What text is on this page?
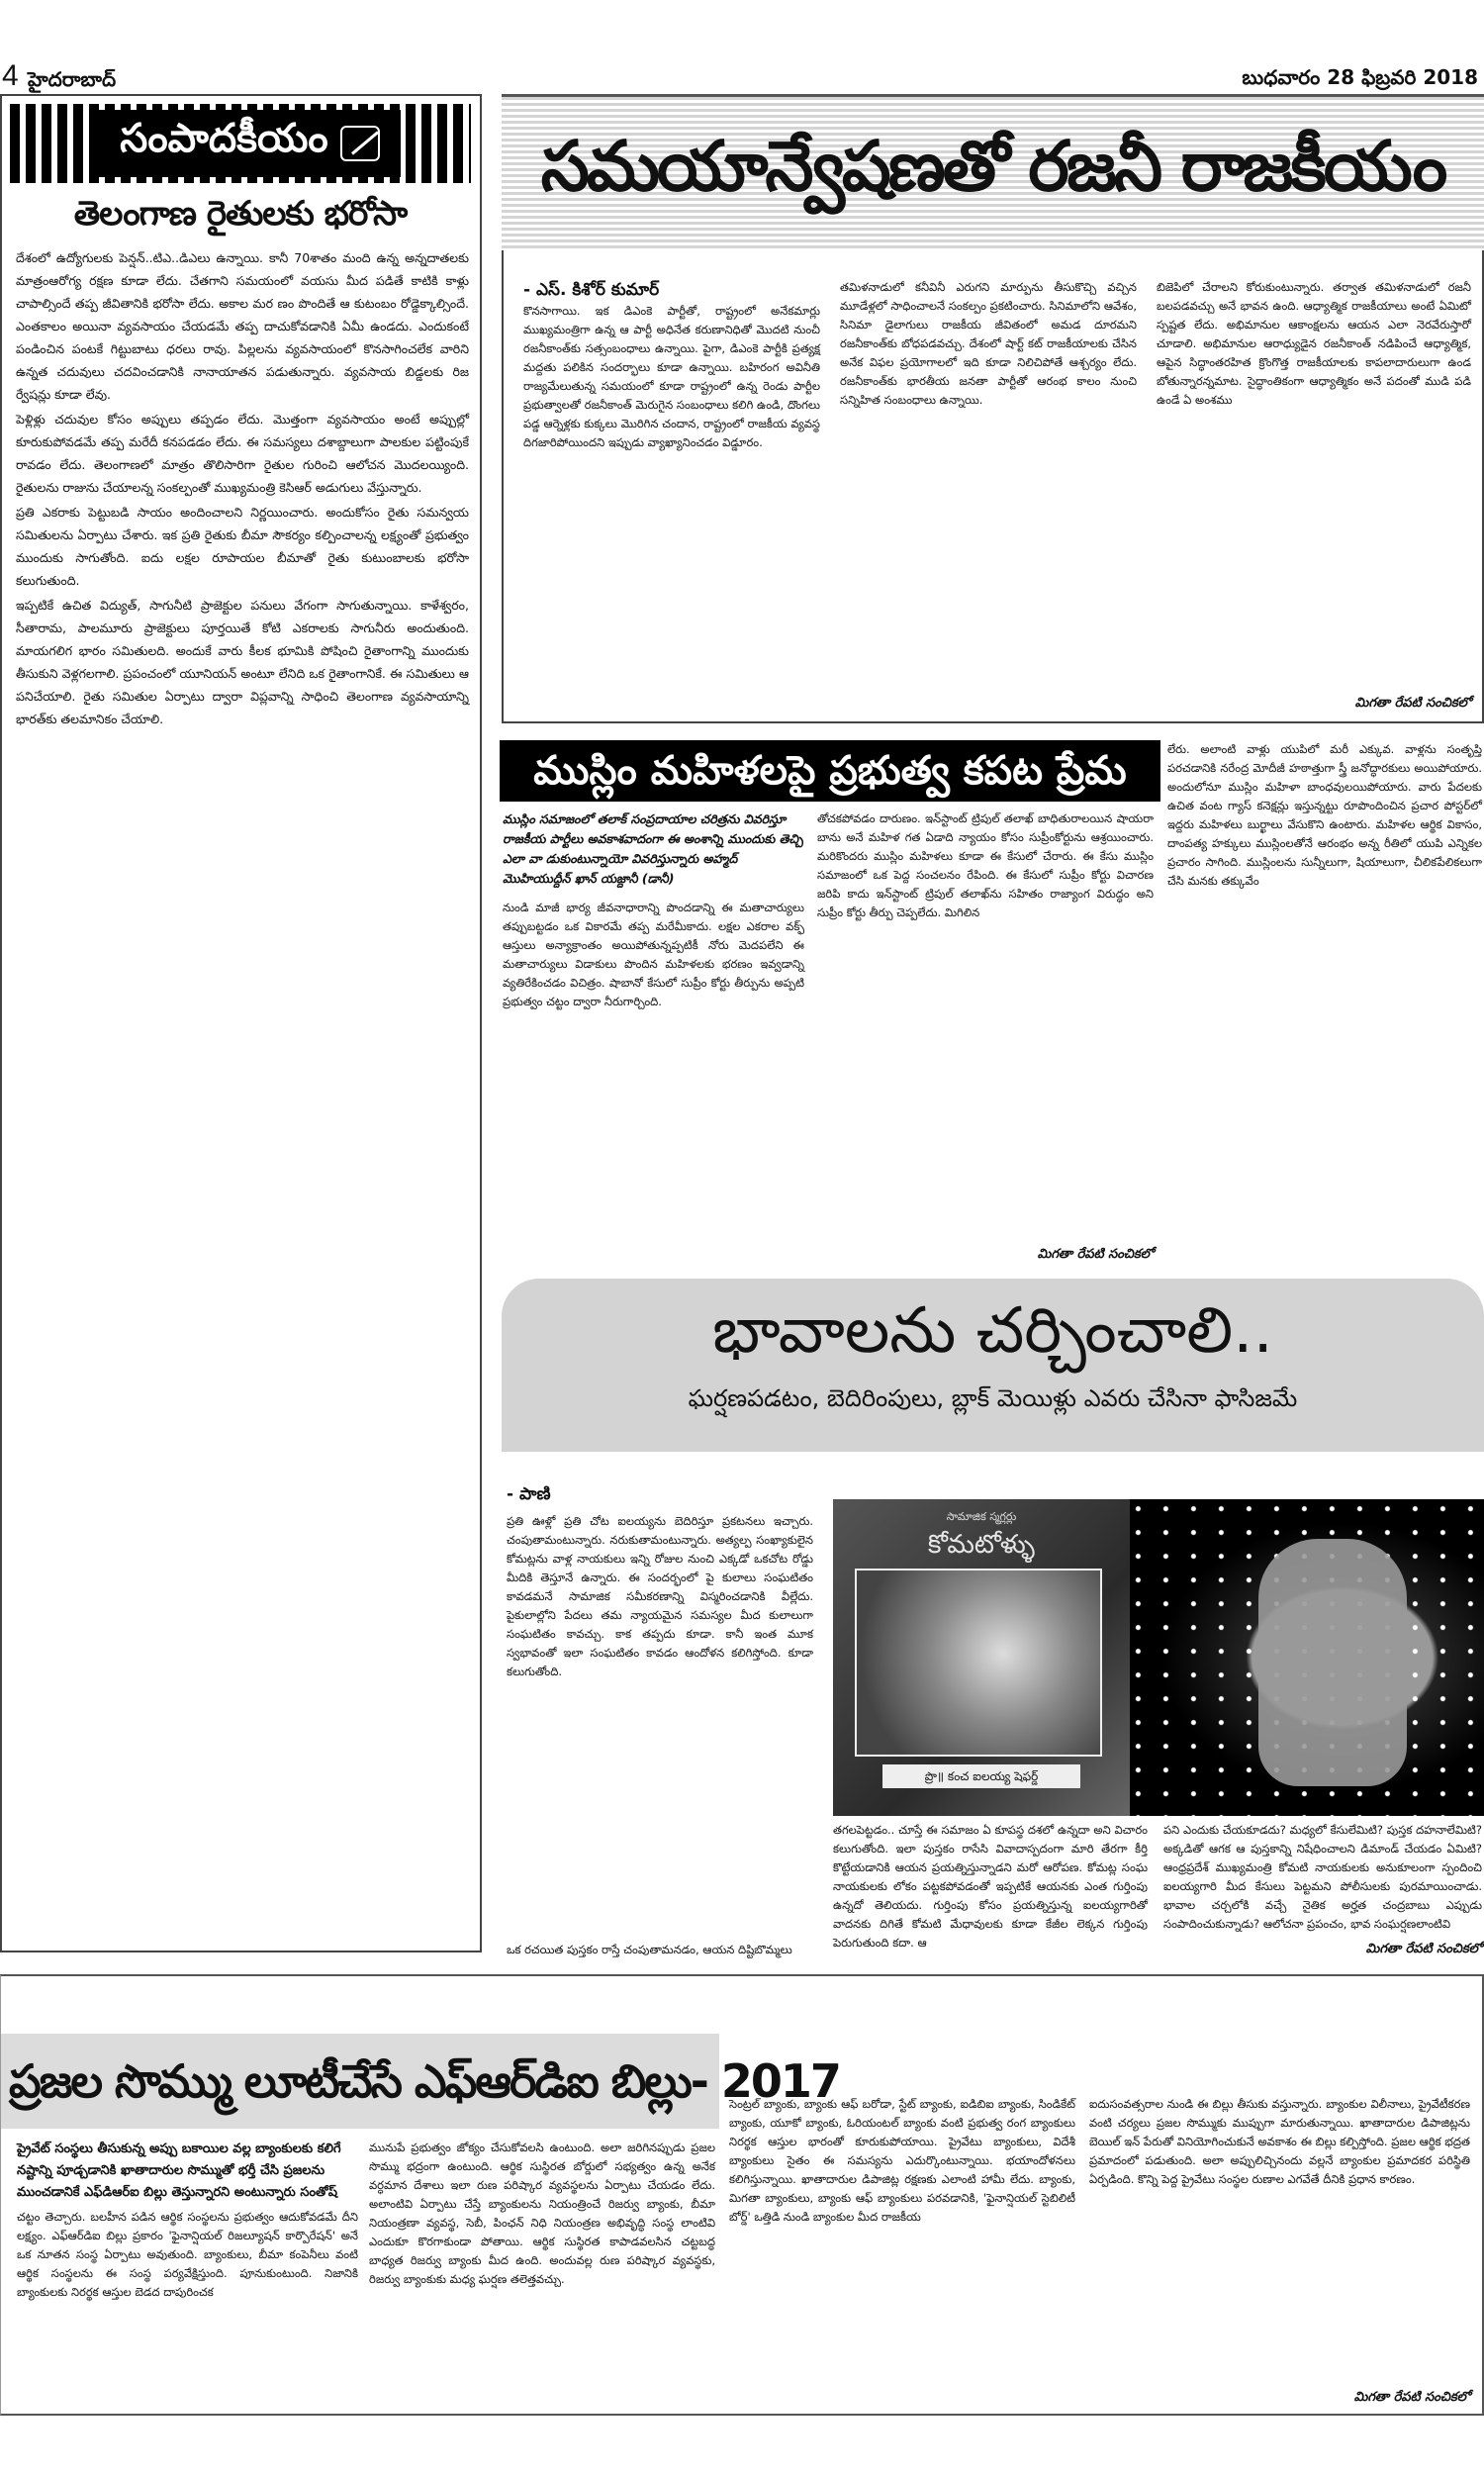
4 హైదరాబాద్	బుధవారం 28 ఫిబ్రవరి 2018
సంపాదకీయం
తెలంగాణ రైతులకు భరోసా

దేశంలో ఉద్యోగులకు పెన్షన్..టిఎ..డిఎలు ఉన్నాయి. కానీ 70శాతం మంది ఉన్న అన్నదాతలకు మాత్రంఆరోగ్య రక్షణ కూడా లేదు. చేతగాని సమయంలో వయసు మీద పడితే కాటికి కాళ్లు చాపాల్సిందే తప్ప జీవితానికి భరోసా లేదు. అకాల మర ణం పొందితే ఆ కుటంబం రోడ్డెక్కాల్సిందే. ఎంతకాలం అయినా వ్యవసాయం చేయడమే తప్ప దాచుకోవడానికి ఏమీ ఉండదు. ఎందుకంటే పండించిన పంటకే గిట్టుబాటు ధరలు రావు. పిల్లలను వ్యవసాయంలో కొనసాగించలేక వారిని ఉన్నత చదువులు చదవించడానికి నానాయాతన పడుతున్నారు. వ్యవసాయ బిడ్డలకు రిజ ర్వేషన్లు కూడా లేవు.

పెళ్లిళ్లు చదువుల కోసం అప్పులు తప్పడం లేదు. మొత్తంగా వ్యవసాయం అంటే అప్పుల్లో కూరుకుపోవడమే తప్ప మరేదీ కనపడడం లేదు. ఈ సమస్యలు దశాబ్దాలుగా పాలకుల పట్టింపుకే రావడం లేదు. తెలంగాణలో మాత్రం తొలిసారిగా రైతుల గురించి ఆలోచన మొదలయ్యింది. రైతులను రాజును చేయాలన్న సంకల్పంతో ముఖ్యమంత్రి కెసిఆర్ అడుగులు వేస్తున్నారు.

ప్రతి ఎకరాకు పెట్టుబడి సాయం అందించాలని నిర్ణయించారు. అందుకోసం రైతు సమన్వయ సమితులను ఏర్పాటు చేశారు. ఇక ప్రతి రైతుకు బీమా సౌకర్యం కల్పించాలన్న లక్ష్యంతో ప్రభుత్వం ముందుకు సాగుతోంది. ఐదు లక్షల రూపాయల బీమాతో రైతు కుటుంబాలకు భరోసా కలుగుతుంది.

ఇప్పటికే ఉచిత విద్యుత్, సాగునీటి ప్రాజెక్టుల పనులు వేగంగా సాగుతున్నాయి. కాళేశ్వరం, సీతారామ, పాలమూరు ప్రాజెక్టులు పూర్తయితే కోటి ఎకరాలకు సాగునీరు అందుతుంది. మాయగలిగ భారం సమితులది. అందుకే వారు కీలక భూమికి పోషించి రైతాంగాన్ని ముందుకు తీసుకుని వెళ్లగలగాలి. ప్రపంచంలో యూనియన్ అంటూ లేనిది ఒక రైతాంగానికే. ఈ సమితులు ఆ పనిచేయాలి. రైతు సమితుల ఏర్పాటు ద్వారా విప్లవాన్ని సాధించి తెలంగాణ వ్యవసాయాన్ని భారత్‌కు తలమానికం చేయాలి.

సమయాన్వేషణతో రజనీ రాజకీయం
- ఎస్. కిశోర్ కుమార్
కొనసాగాయి. ఇక డిఎంకె పార్టీతో, రాష్ట్రంలో అనేకమార్లు ముఖ్యమంత్రిగా ఉన్న ఆ పార్టీ అధినేత కరుణానిధితో మొదటి నుంచీ రజనీకాంత్‌కు సత్సంబంధాలు ఉన్నాయి. పైగా, డిఎంకె పార్టీకి ప్రత్యక్ష మద్దతు పలికిన సందర్భాలు కూడా ఉన్నాయి. బహిరంగ అవినీతి రాజ్యమేలుతున్న సమయంలో కూడా రాష్ట్రంలో ఉన్న రెండు పార్టీల ప్రభుత్వాలతో రజనీకాంత్ మెరుగైన సంబంధాలు కలిగి ఉండి, దొంగలు పడ్డ ఆర్నెళ్లకు కుక్కలు మొరిగిన చందాన, రాష్ట్రంలో రాజకీయ వ్యవస్థ దిగజారిపోయిందని ఇప్పుడు వ్యాఖ్యానించడం విడ్డూరం.
తమిళనాడులో కనీవినీ ఎరుగని మార్పును తీసుకొచ్చి వచ్చిన మూడేళ్లలో సాధించాలనే సంకల్పం ప్రకటించారు. సినిమాలోని ఆవేశం, సినిమా డైలాగులు రాజకీయ జీవితంలో అమడ దూరమని రజనీకాంత్‌కు బోధపడవచ్చు. దేశంలో షార్ట్ కట్ రాజకీయాలకు చేసిన అనేక విఫల ప్రయోగాలలో ఇది కూడా నిలిచిపోతే ఆశ్చర్యం లేదు. రజనీకాంత్‌కు భారతీయ జనతా పార్టీతో ఆరంభ కాలం నుంచి సన్నిహిత సంబంధాలు ఉన్నాయి.
బిజెపిలో చేరాలని కోరుకుంటున్నారు. తర్వాత తమిళనాడులో రజనీ బలపడవచ్చు అనే భావన ఉంది. ఆధ్యాత్మిక రాజకీయాలు అంటే ఏమిటో స్పష్టత లేదు. అభిమానుల ఆకాంక్షలను ఆయన ఎలా నెరవేరుస్తారో చూడాలి. అభిమానుల ఆరాధ్యుడైన రజనీకాంత్ నడిపించే ఆధ్యాత్మిక, ఆపైన సిద్ధాంతరహిత క్రొంగొత్త రాజకీయాలకు కాపలాదారులుగా ఉండ బోతున్నారన్నమాట. సైద్ధాంతికంగా ఆధ్యాత్మికం అనే పదంతో ముడి పడి ఉండే ఏ అంశము
మిగతా రేపటి సంచికలో
ముస్లిం మహిళలపై ప్రభుత్వ కపట ప్రేమ
ముస్లిం సమాజంలో తలాక్ సంప్రదాయాల చరిత్రను వివరిస్తూ రాజకీయ పార్టీలు అవకాశవాదంగా ఈ అంశాన్ని ముందుకు తెచ్చి ఎలా వా డుకుంటున్నాయో వివరిస్తున్నారు అహ్మద్ మొహియుద్దీన్ ఖాన్ యజ్దానీ (డానీ)
నుండి మాజీ భార్య జీవనాధారాన్ని పొందడాన్ని ఈ మతాచార్యులు తప్పుబట్టడం ఒక వికారమే తప్ప మరేమీకాదు. లక్షల ఎకరాల వక్ఫ్ ఆస్తులు అన్యాక్రాంతం అయిపోతున్నప్పటికీ నోరు మెదపలేని ఈ మతాచార్యులు విడాకులు పొందిన మహిళలకు భరణం ఇవ్వడాన్ని వ్యతిరేకించడం విచిత్రం. షాబానో కేసులో సుప్రీం కోర్టు తీర్పును అప్పటి ప్రభుత్వం చట్టం ద్వారా నీరుగార్చింది.
తోచకపోవడం దారుణం. ఇన్‌స్టాంట్ ట్రిపుల్ తలాఖ్ బాధితురాలయిన షాయరా బాను అనే మహిళ గత ఏడాది న్యాయం కోసం సుప్రీంకోర్టును ఆశ్రయించారు. మరికొందరు ముస్లిం మహిళలు కూడా ఈ కేసులో చేరారు. ఈ కేసు ముస్లిం సమాజంలో ఒక పెద్ద సంచలనం రేపింది. ఈ కేసులో సుప్రీం కోర్టు విచారణ జరిపి కాదు ఇన్‌స్టాంట్ ట్రిపుల్ తలాఖ్‌ను సహితం రాజ్యాంగ విరుద్ధం అని సుప్రీం కోర్టు తీర్పు చెప్పలేదు. మిగిలిన
మిగతా రేపటి సంచికలో
లేరు. అలాంటి వాళ్లు యుపిలో మరీ ఎక్కువ. వాళ్లను సంతృప్తి పరచడానికి నరేంద్ర మోదీజీ హఠాత్తుగా స్త్రీ జనోద్ధారకులు అయిపోయారు. అందులోనూ ముస్లిం మహిళా బాంధవులయిపోయారు. వారు పేదలకు ఉచిత వంట గ్యాస్ కనెక్షన్లు ఇస్తున్నట్టు రూపొందించిన ప్రచార పోస్టర్‌లో ఇద్దరు మహిళలు బుర్ఖాలు వేసుకొని ఉంటారు. మహిళల ఆర్థిక వికాసం, దాంపత్య హక్కులు ముస్లింలతోనే ఆరంభం అన్న రీతిలో యుపి ఎన్నికల ప్రచారం సాగింది. ముస్లింలను సున్నీలుగా, షియాలుగా, చీలికపేలికలుగా చేసి మనకు తక్కువేం
భావాలను చర్చించాలి..
ఘర్షణపడటం, బెదిరింపులు, బ్లాక్ మెయిళ్లు ఎవరు చేసినా ఫాసిజమే
- పాణి
ప్రతి ఊళ్లో ప్రతి చోట ఐలయ్యను బెదిరిస్తూ ప్రకటనలు ఇచ్చారు. చంపుతామంటున్నారు. నరుకుతామంటున్నారు. అత్యల్ప సంఖ్యాకులైన కోమట్లను వాళ్ల నాయకులు ఇన్ని రోజుల నుంచి ఎక్కడో ఒకచోట రోడ్డు మీదికి తెస్తూనే ఉన్నారు. ఈ సందర్భంలో పై కులాలు సంఘటితం కావడమనే సామాజిక సమీకరణాన్ని విస్మరించడానికి వీల్లేదు. పైకులాల్లోని పేదలు తమ న్యాయమైన సమస్యల మీద కులాలుగా సంఘటితం కావచ్చు. కాక తప్పదు కూడా. కానీ ఇంత మూక స్వభావంతో ఇలా సంఘటితం కావడం ఆందోళన కలిగిస్తోంది. కూడా కలుగుతోంది.
ఒక రచయిత పుస్తకం రాస్తే చంపుతామనడం, ఆయన దిష్టిబొమ్మలు
సామాజిక స్మగ్లర్లు
కోమటోళ్ళు
ప్రొ॥ కంచ ఐలయ్య షెఫర్డ్
తగలపెట్టడం.. చూస్తే ఈ సమాజం ఏ కూపస్థ దశలో ఉన్నదా అని విచారం కలుగుతోంది. ఇలా పుస్తకం రాసేసి వివాదాస్పదంగా మారి తేరగా కీర్తి కొట్టేయడానికి ఆయన ప్రయత్నిస్తున్నాడని మరో ఆరోపణ. కోమట్ల సంఘ నాయకులకు లోకం పట్టకపోవడంతో ఇప్పటికే ఆయనకు ఎంత గుర్తింపు ఉన్నదో తెలియదు. గుర్తింపు కోసం ప్రయత్నిస్తున్న ఐలయ్యగారితో వాదనకు దిగితే కోమటి మేధావులకు కూడా కేజీల లెక్కన గుర్తింపు పెరుగుతుంది కదా. ఆ
పని ఎందుకు చేయకూడదు? మధ్యలో కేసులేమిటి? పుస్తక దహనాలేమిటి? అక్కడితో ఆగక ఆ పుస్తకాన్ని నిషేధించాలని డిమాండ్ చేయడం ఏమిటి?ఆంధ్రప్రదేశ్ ముఖ్యమంత్రి కోమటి నాయకులకు అనుకూలంగా స్పందించి ఐలయ్యగారి మీద కేసులు పెట్టమని పోలీసులకు పురమాయించాడు. భావాల చర్చలోకి వచ్చే నైతిక అర్హత చంద్రబాబు ఎప్పుడు సంపాదించుకున్నాడు? ఆలోచనా ప్రపంచం, భావ సంఘర్షణలాంటివి
మిగతా రేపటి సంచికలో
ప్రజల సొమ్ము లూటీచేసే ఎఫ్‌ఆర్‌డిఐ బిల్లు- 2017
ప్రైవేట్ సంస్థలు తీసుకున్న అప్పు బకాయిల వల్ల బ్యాంకులకు కలిగే నష్టాన్ని పూడ్చడానికి ఖాతాదారుల సొమ్ముతో భర్తీ చేసి ప్రజలను ముంచడానికే ఎఫ్‌డిఆర్‌ఐ బిల్లు తెస్తున్నారని అంటున్నారు సంతోష్
చట్టం తెచ్చారు. బలహీన పడిన ఆర్థిక సంస్థలను ప్రభుత్వం ఆదుకోవడమే దీని లక్ష్యం. ఎఫ్‌ఆర్‌డిఐ బిల్లు ప్రకారం 'ఫైనాన్షియల్ రిజల్యూషన్ కార్పొరేషన్' అనే ఒక నూతన సంస్థ ఏర్పాటు అవుతుంది. బ్యాంకులు, బీమా కంపెనీలు వంటి ఆర్థిక సంస్థలను ఈ సంస్థ పర్యవేక్షిస్తుంది. పూనుకుంటుంది. నిజానికి బ్యాంకులకు నిరర్థక ఆస్తుల బెడద దాపురించక
మునుపే ప్రభుత్వం జోక్యం చేసుకోవలసి ఉంటుంది. అలా జరిగినప్పుడు ప్రజల సొమ్ము భద్రంగా ఉంటుంది. ఆర్థిక సుస్థిరత బోర్డులో సభ్యత్వం ఉన్న అనేక వర్ధమాన దేశాలు ఇలా రుణ పరిష్కార వ్యవస్థలను ఏర్పాటు చేయడం లేదు. అలాంటివి ఏర్పాటు చేస్తే బ్యాంకులను నియంత్రించే రిజర్వు బ్యాంకు, బీమా నియంత్రణా వ్యవస్థ, సెబీ, పింఛన్ నిధి నియంత్రణ అభివృద్ధి సంస్థ లాంటివి ఎందుకూ కొరగాకుండా పోతాయి. ఆర్థిక సుస్థిరత కాపాడవలసిన చట్టబద్ధ బాధ్యత రిజర్వు బ్యాంకు మీద ఉంది. అందువల్ల రుణ పరిష్కార వ్యవస్థకు, రిజర్వు బ్యాంకుకు మధ్య ఘర్షణ తలెత్తవచ్చు.
సెంట్రల్ బ్యాంకు, బ్యాంకు ఆఫ్ బరోడా, స్టేట్ బ్యాంకు, ఐడిబిఐ బ్యాంకు, సిండికేట్ బ్యాంకు, యూకో బ్యాంకు, ఓరియంటల్ బ్యాంకు వంటి ప్రభుత్వ రంగ బ్యాంకులు నిరర్థక ఆస్తుల భారంతో కూరుకుపోయాయి. ప్రైవేటు బ్యాంకులు, విదేశీ బ్యాంకులు సైతం ఈ సమస్యను ఎదుర్కొంటున్నాయి. భయాందోళనలు కలిగిస్తున్నాయి. ఖాతాదారుల డిపాజిట్ల రక్షణకు ఎలాంటి హామీ లేదు. బ్యాంకు, మిగతా బ్యాంకులు, బ్యాంకు ఆఫ్ బ్యాంకులు పరవడానికి, 'ఫైనాన్షియల్ స్టెబిలిటీ బోర్డ్' ఒత్తిడి నుండి బ్యాంకుల మీద రాజకీయ
ఐదుసంవత్సరాల నుండి ఈ బిల్లు తీసుకు వస్తున్నారు. బ్యాంకుల విలీనాలు, ప్రైవేటీకరణ వంటి చర్యలు ప్రజల సొమ్ముకు ముప్పుగా మారుతున్నాయి. ఖాతాదారుల డిపాజిట్లను బెయిల్ ఇన్ పేరుతో వినియోగించుకునే అవకాశం ఈ బిల్లు కల్పిస్తోంది. ప్రజల ఆర్థిక భద్రత ప్రమాదంలో పడుతుంది. అలా అప్పులిచ్చినందు వల్లనే బ్యాంకుల ప్రమాదకర పరిస్థితి ఏర్పడింది. కొన్ని పెద్ద ప్రైవేటు సంస్థల రుణాల ఎగవేతే దీనికి ప్రధాన కారణం.
మిగతా రేపటి సంచికలో
